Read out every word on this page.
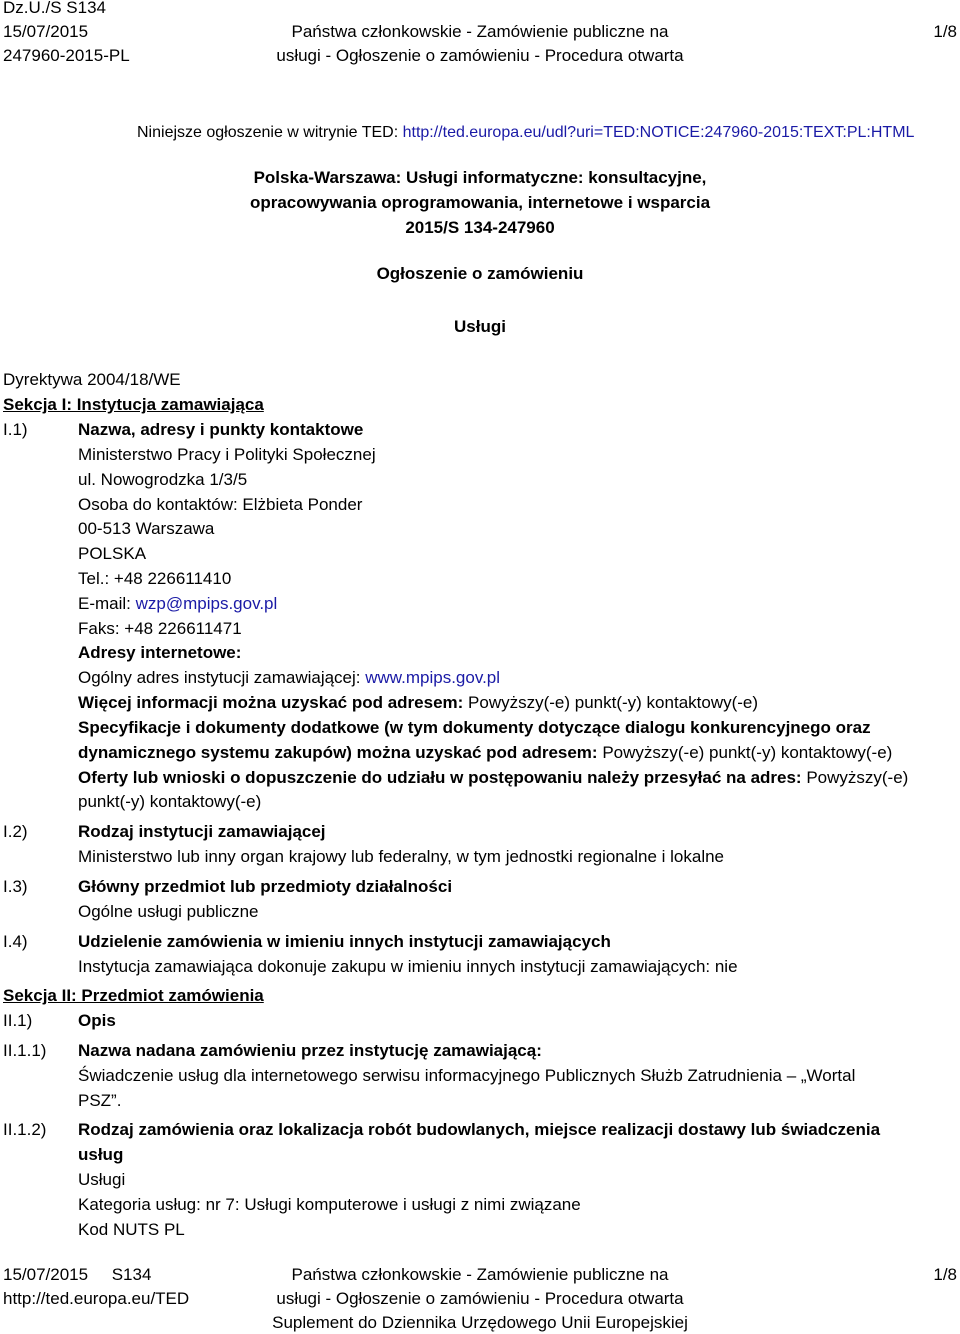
Dz.U./S S134
15/07/2015
247960-2015-PL
Państwa członkowskie - Zamówienie publiczne na
usługi - Ogłoszenie o zamówieniu - Procedura otwarta
1/8
Niniejsze ogłoszenie w witrynie TED: http://ted.europa.eu/udl?uri=TED:NOTICE:247960-2015:TEXT:PL:HTML
Polska-Warszawa: Usługi informatyczne: konsultacyjne,
opracowywania oprogramowania, internetowe i wsparcia
2015/S 134-247960
Ogłoszenie o zamówieniu
Usługi
Dyrektywa 2004/18/WE
Sekcja I: Instytucja zamawiająca
I.1)	Nazwa, adresy i punkty kontaktowe
Ministerstwo Pracy i Polityki Społecznej
ul. Nowogrodzka 1/3/5
Osoba do kontaktów: Elżbieta Ponder
00-513 Warszawa
POLSKA
Tel.: +48 226611410
E-mail: wzp@mpips.gov.pl
Faks: +48 226611471
Adresy internetowe:
Ogólny adres instytucji zamawiającej: www.mpips.gov.pl
Więcej informacji można uzyskać pod adresem: Powyższy(-e) punkt(-y) kontaktowy(-e)
Specyfikacje i dokumenty dodatkowe (w tym dokumenty dotyczące dialogu konkurencyjnego oraz
dynamicznego systemu zakupów) można uzyskać pod adresem: Powyższy(-e) punkt(-y) kontaktowy(-e)
Oferty lub wnioski o dopuszczenie do udziału w postępowaniu należy przesyłać na adres: Powyższy(-e)
punkt(-y) kontaktowy(-e)
I.2)	Rodzaj instytucji zamawiającej
Ministerstwo lub inny organ krajowy lub federalny, w tym jednostki regionalne i lokalne
I.3)	Główny przedmiot lub przedmioty działalności
Ogólne usługi publiczne
I.4)	Udzielenie zamówienia w imieniu innych instytucji zamawiających
Instytucja zamawiająca dokonuje zakupu w imieniu innych instytucji zamawiających: nie
Sekcja II: Przedmiot zamówienia
II.1)	Opis
II.1.1) Nazwa nadana zamówieniu przez instytucję zamawiającą:
Świadczenie usług dla internetowego serwisu informacyjnego Publicznych Służb Zatrudnienia – „Wortal
PSZ”.
II.1.2) Rodzaj zamówienia oraz lokalizacja robót budowlanych, miejsce realizacji dostawy lub świadczenia
usług
Usługi
Kategoria usług: nr 7: Usługi komputerowe i usługi z nimi związane
Kod NUTS PL
15/07/2015     S134
http://ted.europa.eu/TED
Państwa członkowskie - Zamówienie publiczne na
usługi - Ogłoszenie o zamówieniu - Procedura otwarta
Suplement do Dziennika Urzędowego Unii Europejskiej
1/8
